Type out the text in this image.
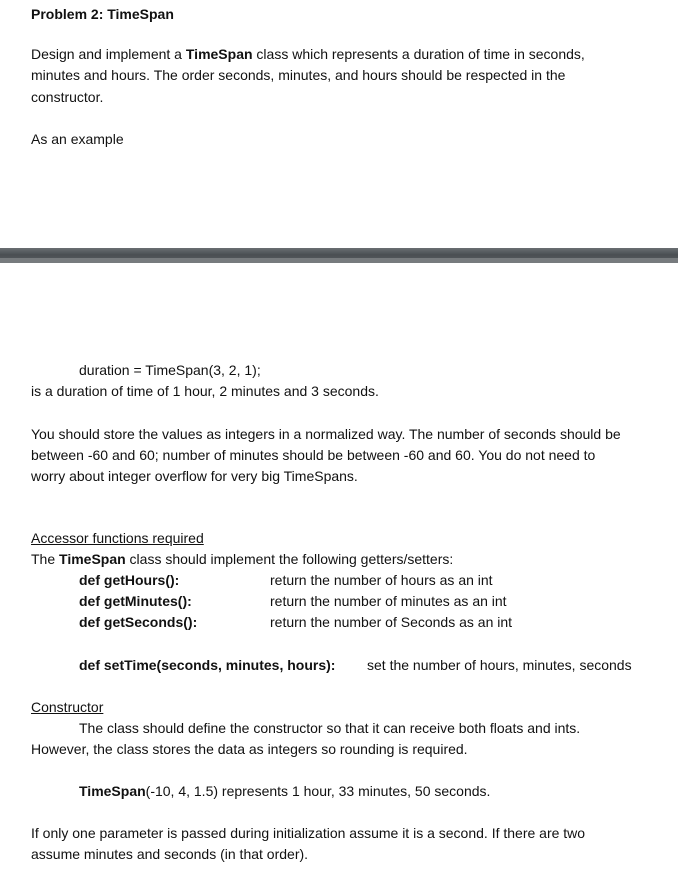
Problem 2: TimeSpan
Design and implement a TimeSpan class which represents a duration of time in seconds,
minutes and hours. The order seconds, minutes, and hours should be respected in the
constructor.
As an example
duration = TimeSpan(3, 2, 1);
is a duration of time of 1 hour, 2 minutes and 3 seconds.
You should store the values as integers in a normalized way. The number of seconds should be
between -60 and 60; number of minutes should be between -60 and 60. You do not need to
worry about integer overflow for very big TimeSpans.
Accessor functions required
The TimeSpan class should implement the following getters/setters:
def getHours():	return the number of hours as an int
def getMinutes():	return the number of minutes as an int
def getSeconds():	return the number of Seconds as an int
def setTime(seconds, minutes, hours): set the number of hours, minutes, seconds
Constructor
The class should define the constructor so that it can receive both floats and ints.
However, the class stores the data as integers so rounding is required.
TimeSpan(-10, 4, 1.5) represents 1 hour, 33 minutes, 50 seconds.
If only one parameter is passed during initialization assume it is a second. If there are two
assume minutes and seconds (in that order).
